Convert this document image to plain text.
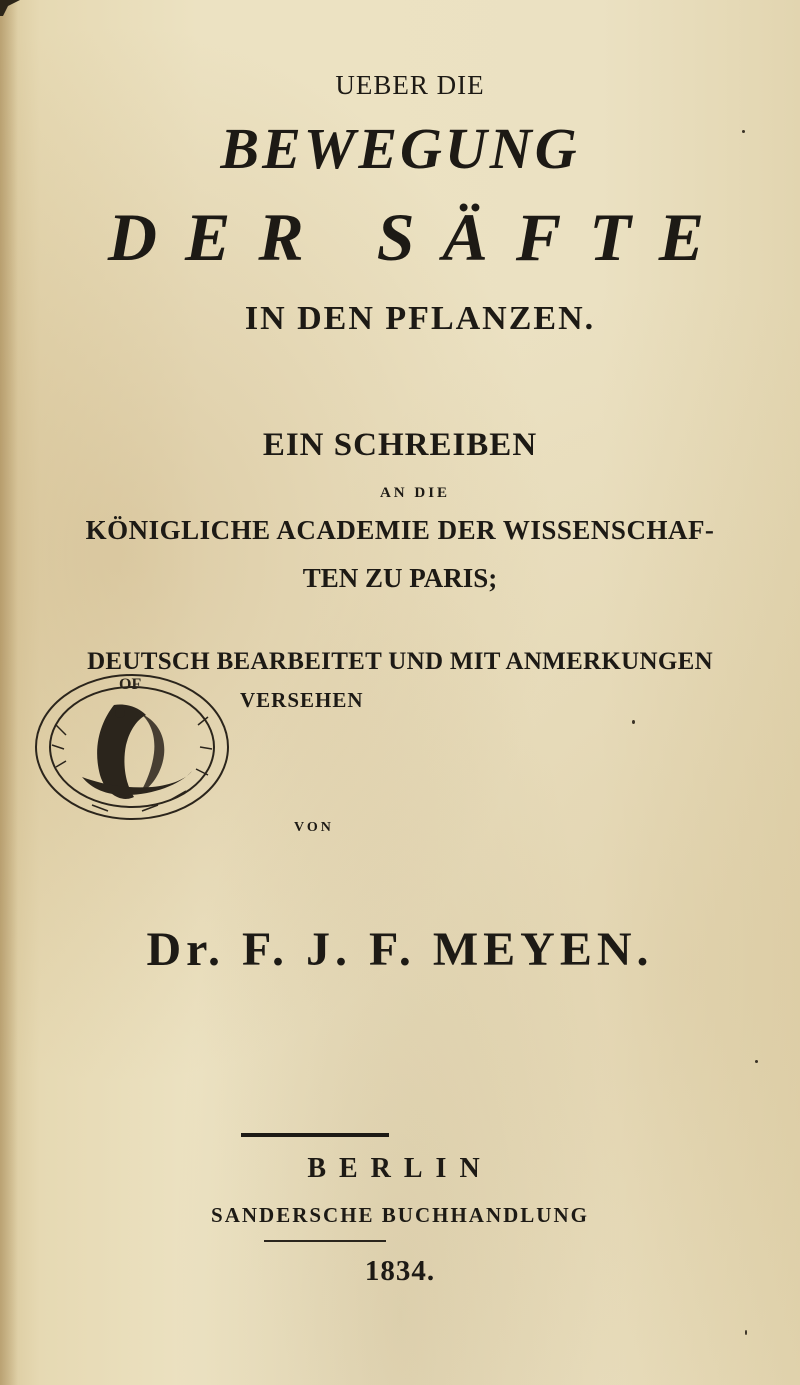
UEBER DIE
BEWEGUNG
DER SÄFTE
IN DEN PFLANZEN.
EIN SCHREIBEN
AN DIE
KÖNIGLICHE ACADEMIE DER WISSENSCHAF-
TEN ZU PARIS;
DEUTSCH BEARBEITET UND MIT ANMERKUNGEN
VERSEHEN
OF
VON
Dr. F. J. F. MEYEN.
BERLIN
SANDERSCHE BUCHHANDLUNG
1834.
